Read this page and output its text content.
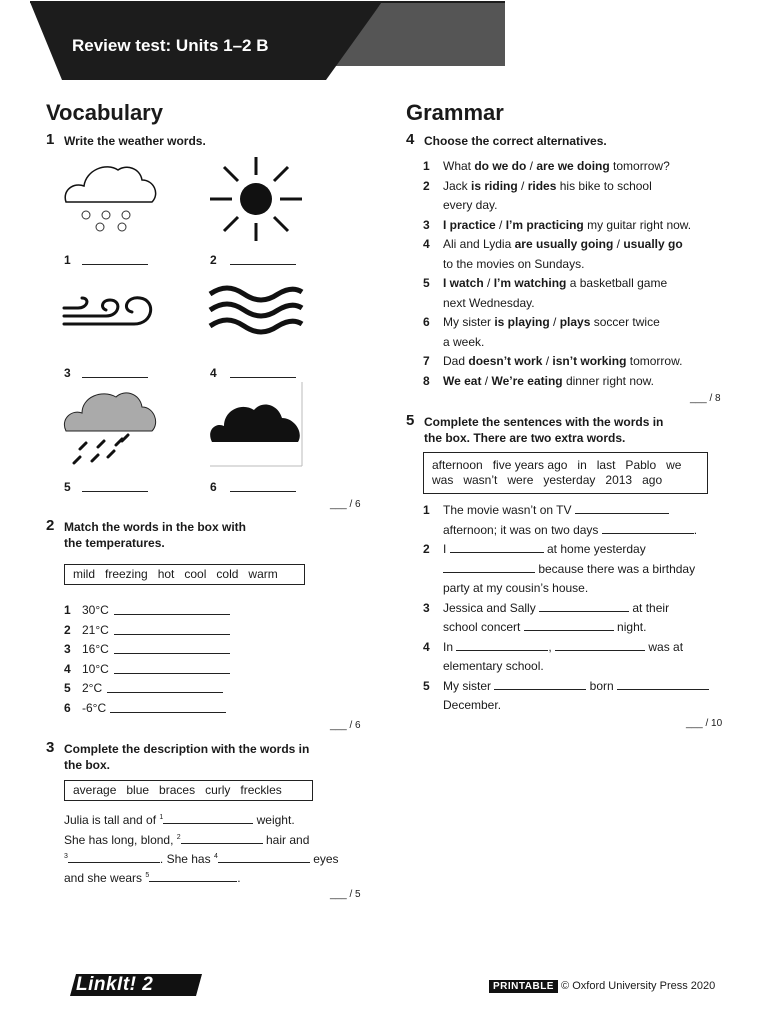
Review test: Units 1–2 B
Vocabulary
1 Write the weather words.
1	2
3	4
5	6
___ / 6
2 Match the words in the box with
the temperatures.
mild   freezing   hot   cool   cold   warm
1 30°C
2 21°C
3 16°C
4 10°C
5 2°C
6 -6°C
___ / 6
3 Complete the description with the words in
the box.
average   blue   braces   curly   freckles
Julia is tall and of $^1$	weight.
She has long, blond, $^2$	hair and
$^3$	. She has $^4$	eyes
and she wears $^5$	.
___ / 5
Grammar
4 Choose the correct alternatives.
1	What do we do / are we doing tomorrow?
2	Jack is riding / rides his bike to school
every day.
3	I practice / I’m practicing my guitar right now.
4	Ali and Lydia are usually going / usually go
to the movies on Sundays.
5	I watch / I’m watching a basketball game
next Wednesday.
6	My sister is playing / plays soccer twice
a week.
7	Dad doesn’t work / isn’t working tomorrow.
8	We eat / We’re eating dinner right now.
___ / 8
5 Complete the sentences with the words in
the box. There are two extra words.
afternoon   five years ago   in   last   Pablo   we
was   wasn’t   were   yesterday   2013   ago
1	The movie wasn’t on TV
afternoon; it was on two days	.
2	I	at home yesterday
because there was a birthday
party at my cousin’s house.
3	Jessica and Sally	at their
school concert	night.
4	In	,	was at
elementary school.
5	My sister	born
December.
___ / 10
LinkIt! 2	PRINTABLE © Oxford University Press 2020
